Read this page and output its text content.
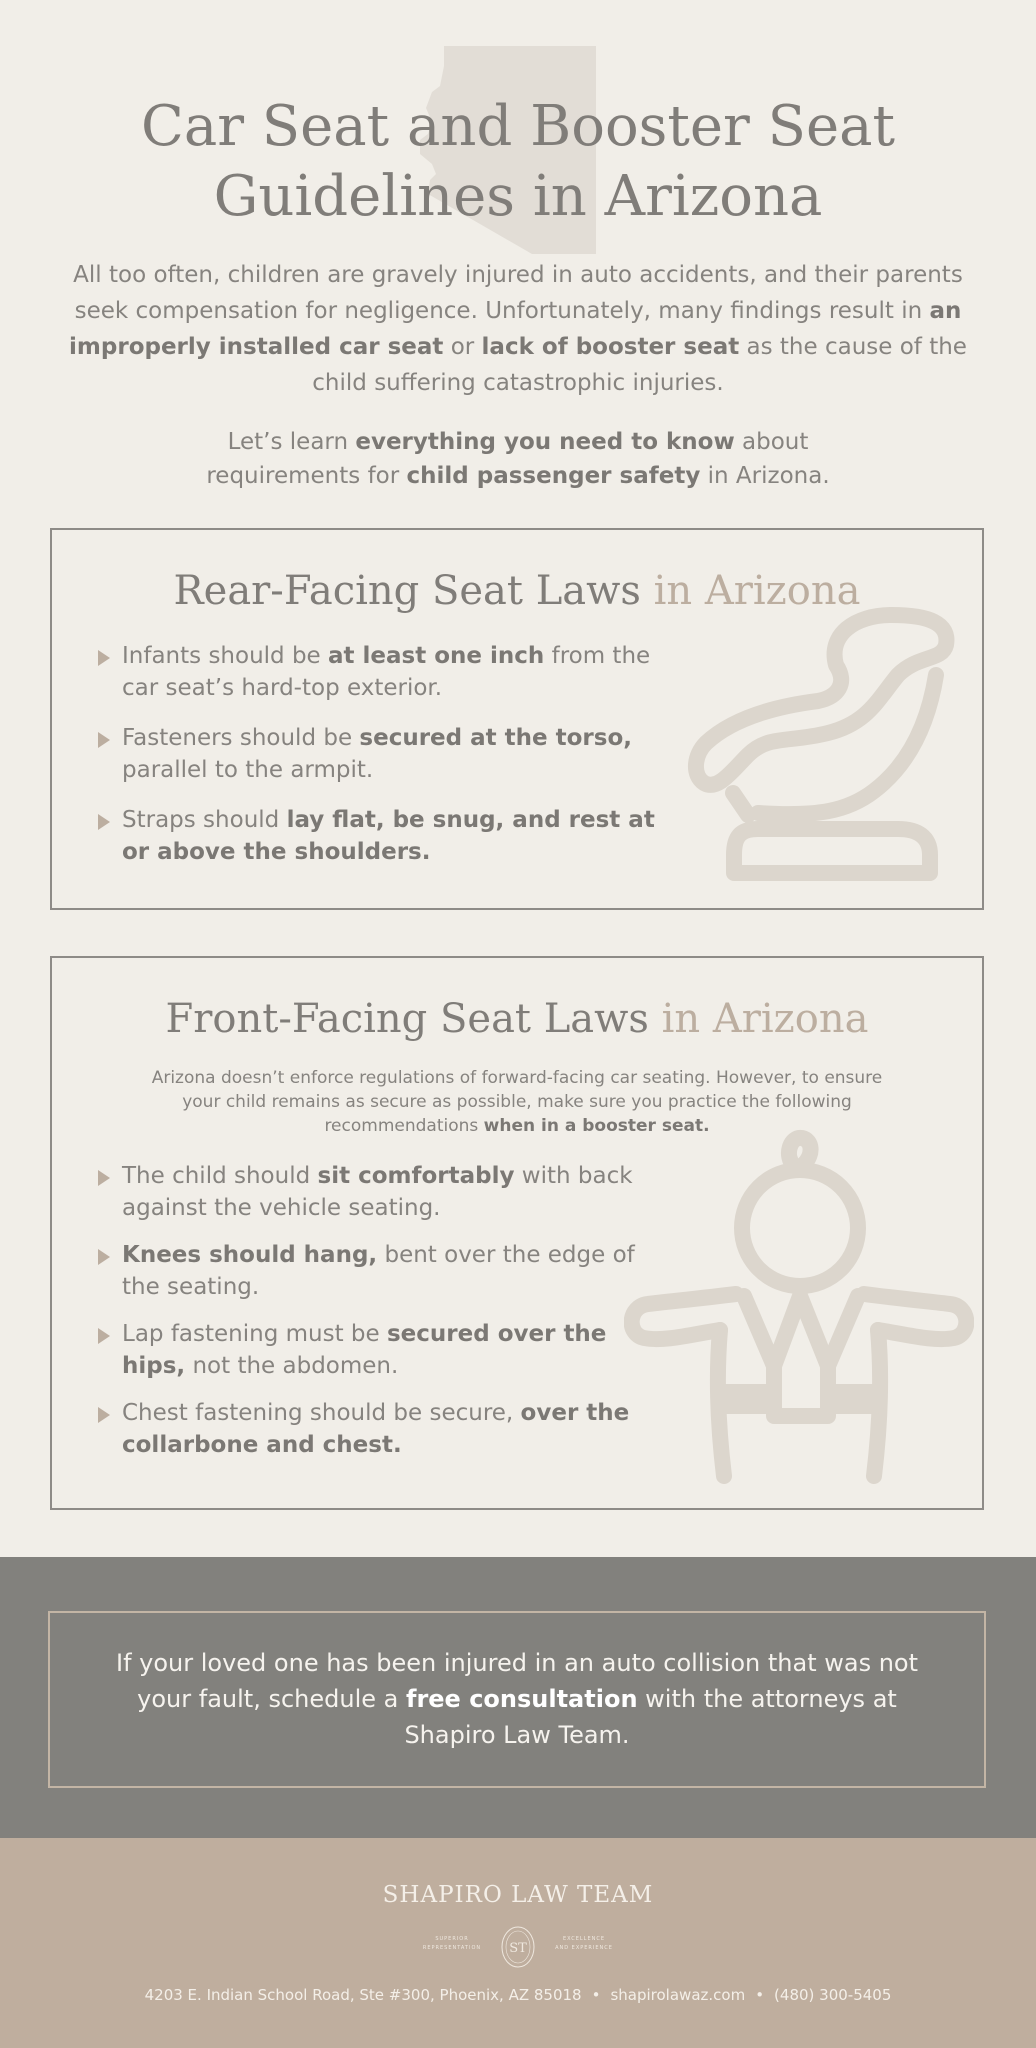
Car Seat and Booster Seat
Guidelines in Arizona

All too often, children are gravely injured in auto accidents, and their parents seek compensation for negligence. Unfortunately, many findings result in an improperly installed car seat or lack of booster seat as the cause of the child suffering catastrophic injuries.

Let’s learn everything you need to know about requirements for child passenger safety in Arizona.

Rear-Facing Seat Laws in Arizona
Infants should be at least one inch from the car seat’s hard-top exterior.
Fasteners should be secured at the torso, parallel to the armpit.
Straps should lay flat, be snug, and rest at or above the shoulders.
Front-Facing Seat Laws in Arizona

Arizona doesn’t enforce regulations of forward-facing car seating. However, to ensure your child remains as secure as possible, make sure you practice the following recommendations when in a booster seat.

The child should sit comfortably with back against the vehicle seating.
Knees should hang, bent over the edge of the seating.
Lap fastening must be secured over the hips, not the abdomen.
Chest fastening should be secure, over the collarbone and chest.

If your loved one has been injured in an auto collision that was not your fault, schedule a free consultation with the attorneys at Shapiro Law Team.

SHAPIRO LAW TEAM
SUPERIOR
REPRESENTATION	ST
EXCELLENCE
AND EXPERIENCE
4203 E. Indian School Road, Ste #300, Phoenix, AZ 85018 • shapirolawaz.com • (480) 300-5405
